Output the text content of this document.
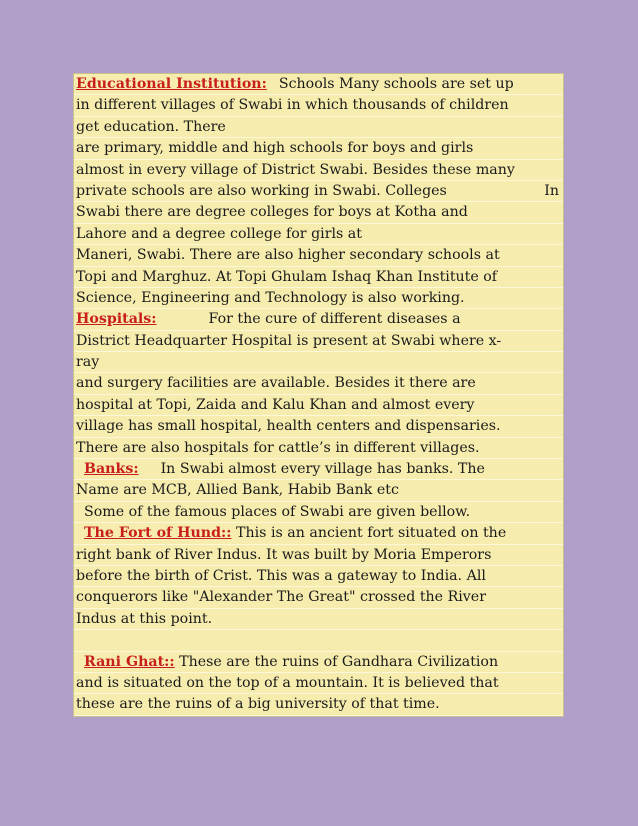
Educational Institution: Schools Many schools are set up
in different villages of Swabi in which thousands of children
get education. There
are primary, middle and high schools for boys and girls
almost in every village of District Swabi. Besides these many
private schools are also working in Swabi. Colleges	In
Swabi there are degree colleges for boys at Kotha and
Lahore and a degree college for girls at
Maneri, Swabi. There are also higher secondary schools at
Topi and Marghuz. At Topi Ghulam Ishaq Khan Institute of
Science, Engineering and Technology is also working.
Hospitals:	For the cure of different diseases a
District Headquarter Hospital is present at Swabi where x-
ray
and surgery facilities are available. Besides it there are
hospital at Topi, Zaida and Kalu Khan and almost every
village has small hospital, health centers and dispensaries.
There are also hospitals for cattle’s in different villages.
Banks: In Swabi almost every village has banks. The
Name are MCB, Allied Bank, Habib Bank etc
Some of the famous places of Swabi are given bellow.
The Fort of Hund:: This is an ancient fort situated on the
right bank of River Indus. It was built by Moria Emperors
before the birth of Crist. This was a gateway to India. All
conquerors like "Alexander The Great" crossed the River
Indus at this point.
Rani Ghat:: These are the ruins of Gandhara Civilization
and is situated on the top of a mountain. It is believed that
these are the ruins of a big university of that time.
